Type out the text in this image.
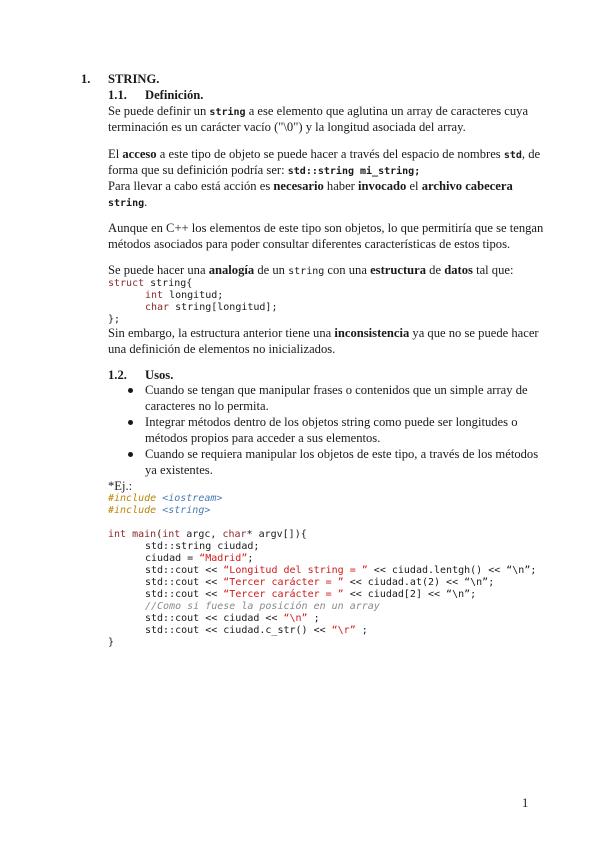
1. STRING.
1.1. Definición.
Se puede definir un string a ese elemento que aglutina un array de caracteres cuya
terminación es un carácter vacío ("\0") y la longitud asociada del array.
El acceso a este tipo de objeto se puede hacer a través del espacio de nombres std, de
forma que su definición podría ser: std::string mi_string;
Para llevar a cabo está acción es necesario haber invocado el archivo cabecera
string.
Aunque en C++ los elementos de este tipo son objetos, lo que permitiría que se tengan
métodos asociados para poder consultar diferentes características de estos tipos.
Se puede hacer una analogía de un string con una estructura de datos tal que:
struct string{
int longitud;
char string[longitud];
};
Sin embargo, la estructura anterior tiene una inconsistencia ya que no se puede hacer
una definición de elementos no inicializados.
1.2. Usos.
Cuando se tengan que manipular frases o contenidos que un simple array de
caracteres no lo permita.
Integrar métodos dentro de los objetos string como puede ser longitudes o
métodos propios para acceder a sus elementos.
Cuando se requiera manipular los objetos de este tipo, a través de los métodos
ya existentes.
*Ej.:
#include <iostream>
#include <string>
int main(int argc, char* argv[]){
std::string ciudad;
ciudad = “Madrid”;
std::cout << “Longitud del string = ” << ciudad.lentgh() << “\n”;
std::cout << “Tercer carácter = ” << ciudad.at(2) << “\n”;
std::cout << “Tercer carácter = ” << ciudad[2] << “\n”;
//Como si fuese la posición en un array
std::cout << ciudad << “\n” ;
std::cout << ciudad.c_str() << “\r” ;
}
1
